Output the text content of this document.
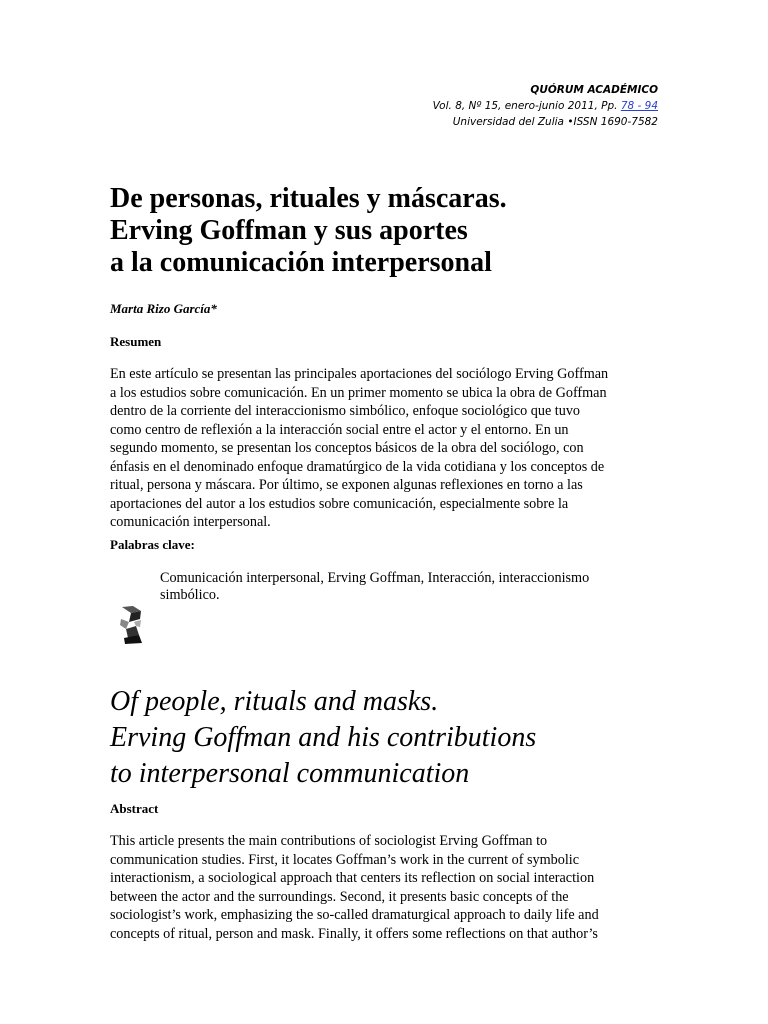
QUÓRUM ACADÉMICO
Vol. 8, Nº 15, enero-junio 2011, Pp. 78 - 94
Universidad del Zulia •ISSN 1690-7582
De personas, rituales y máscaras.
Erving Goffman y sus aportes
a la comunicación interpersonal
Marta Rizo García*
Resumen
En este artículo se presentan las principales aportaciones del sociólogo Erving Goffman
a los estudios sobre comunicación. En un primer momento se ubica la obra de Goffman
dentro de la corriente del interaccionismo simbólico, enfoque sociológico que tuvo
como centro de reflexión a la interacción social entre el actor y el entorno. En un
segundo momento, se presentan los conceptos básicos de la obra del sociólogo, con
énfasis en el denominado enfoque dramatúrgico de la vida cotidiana y los conceptos de
ritual, persona y máscara. Por último, se exponen algunas reflexiones en torno a las
aportaciones del autor a los estudios sobre comunicación, especialmente sobre la
comunicación interpersonal.
Palabras clave:
Comunicación interpersonal, Erving Goffman, Interacción, interaccionismo
simbólico.
Of people, rituals and masks.
Erving Goffman and his contributions
to interpersonal communication
Abstract
This article presents the main contributions of sociologist Erving Goffman to
communication studies. First, it locates Goffman’s work in the current of symbolic
interactionism, a sociological approach that centers its reflection on social interaction
between the actor and the surroundings. Second, it presents basic concepts of the
sociologist’s work, emphasizing the so-called dramaturgical approach to daily life and
concepts of ritual, person and mask. Finally, it offers some reflections on that author’s
